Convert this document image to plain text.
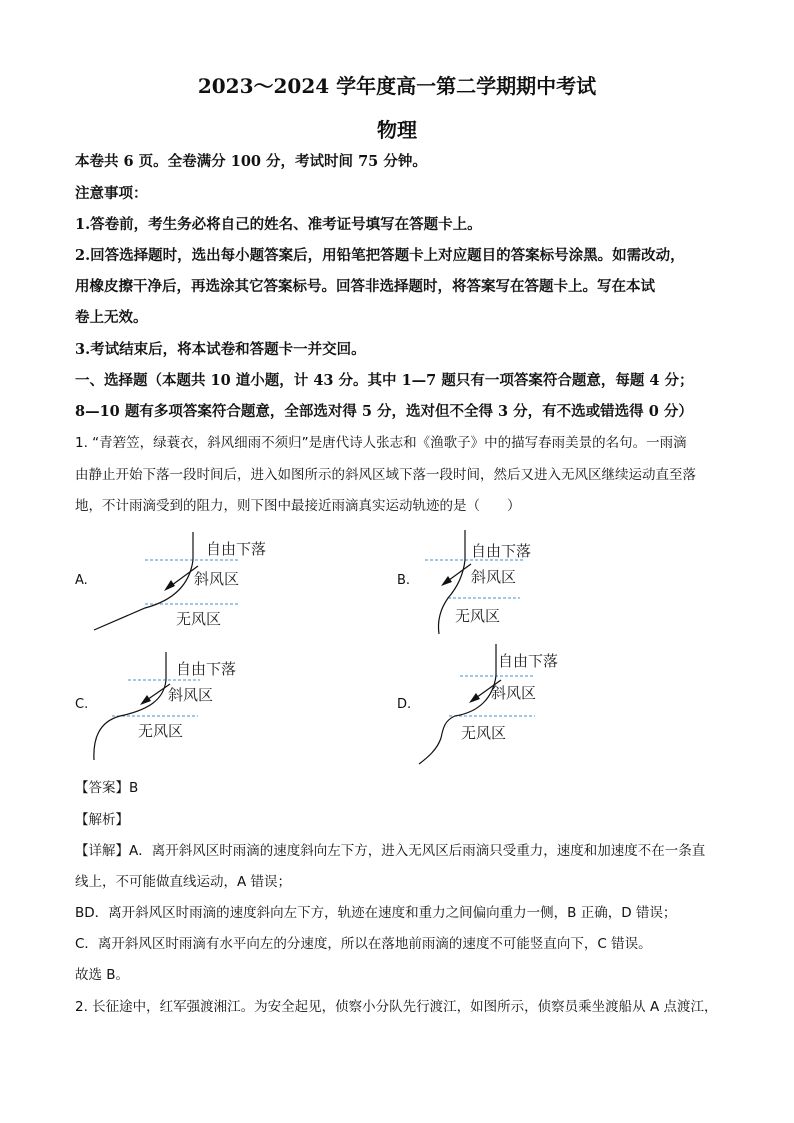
2023～2024 学年度高一第二学期期中考试
物理
本卷共 6 页。全卷满分 100 分，考试时间 75 分钟。
注意事项：
1.答卷前，考生务必将自己的姓名、准考证号填写在答题卡上。
2.回答选择题时，选出每小题答案后，用铅笔把答题卡上对应题目的答案标号涂黑。如需改动，
用橡皮擦干净后，再选涂其它答案标号。回答非选择题时，将答案写在答题卡上。写在本试
卷上无效。
3.考试结束后，将本试卷和答题卡一并交回。
一、选择题（本题共 10 道小题，计 43 分。其中 1—7 题只有一项答案符合题意，每题 4 分；
8—10 题有多项答案符合题意，全部选对得 5 分，选对但不全得 3 分，有不选或错选得 0 分）
1. “青箬笠，绿蓑衣，斜风细雨不须归”是唐代诗人张志和《渔歌子》中的描写春雨美景的名句。一雨滴
由静止开始下落一段时间后，进入如图所示的斜风区域下落一段时间，然后又进入无风区继续运动直至落
地，不计雨滴受到的阻力，则下图中最接近雨滴真实运动轨迹的是（　　）
A.
自由下落
斜风区
无风区
B.
自由下落
斜风区
无风区
C.
自由下落
斜风区
无风区
D.
自由下落
斜风区
无风区
【答案】B
【解析】
【详解】A．离开斜风区时雨滴的速度斜向左下方，进入无风区后雨滴只受重力，速度和加速度不在一条直
线上，不可能做直线运动，A 错误；
BD．离开斜风区时雨滴的速度斜向左下方，轨迹在速度和重力之间偏向重力一侧，B 正确，D 错误；
C．离开斜风区时雨滴有水平向左的分速度，所以在落地前雨滴的速度不可能竖直向下，C 错误。
故选 B。
2. 长征途中，红军强渡湘江。为安全起见，侦察小分队先行渡江，如图所示，侦察员乘坐渡船从 A 点渡江，
